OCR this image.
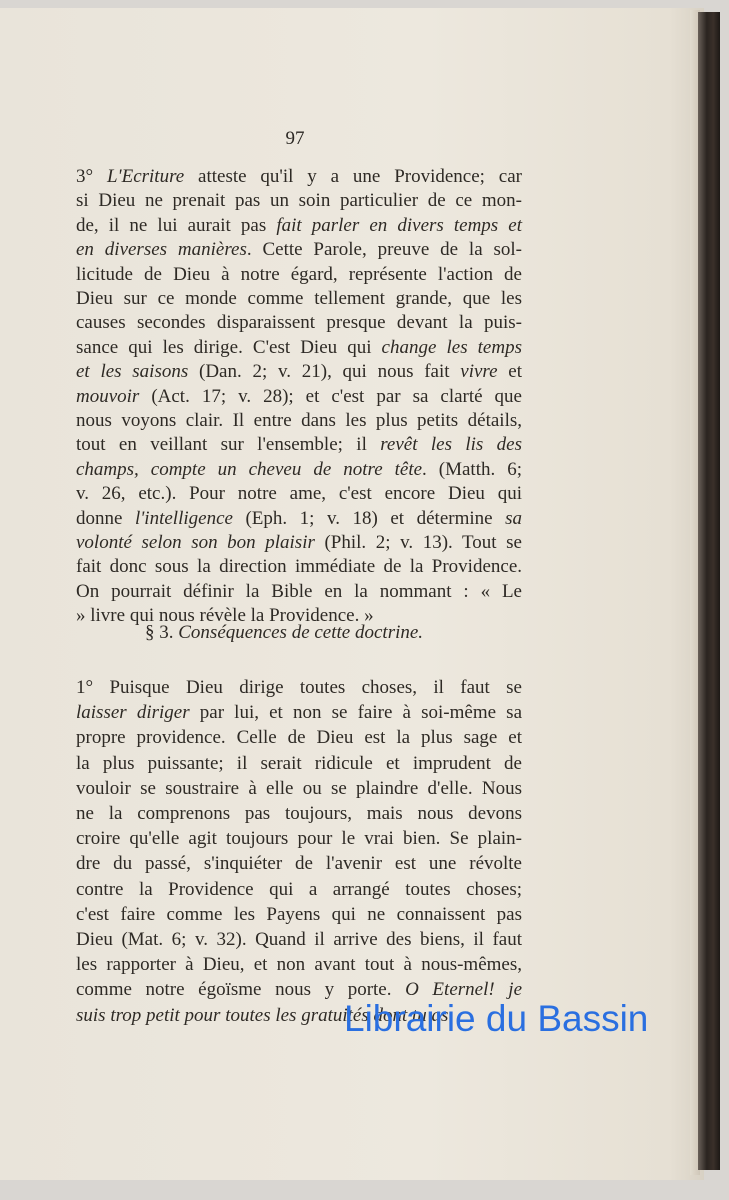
97
3° L'Ecriture atteste qu'il y a une Providence; car
si Dieu ne prenait pas un soin particulier de ce mon-
de, il ne lui aurait pas fait parler en divers temps et
en diverses manières. Cette Parole, preuve de la sol-
licitude de Dieu à notre égard, représente l'action de
Dieu sur ce monde comme tellement grande, que les
causes secondes disparaissent presque devant la puis-
sance qui les dirige. C'est Dieu qui change les temps
et les saisons (Dan. 2; v. 21), qui nous fait vivre et
mouvoir (Act. 17; v. 28); et c'est par sa clarté que
nous voyons clair. Il entre dans les plus petits détails,
tout en veillant sur l'ensemble; il revêt les lis des
champs, compte un cheveu de notre tête. (Matth. 6;
v. 26, etc.). Pour notre ame, c'est encore Dieu qui
donne l'intelligence (Eph. 1; v. 18) et détermine sa
volonté selon son bon plaisir (Phil. 2; v. 13). Tout se
fait donc sous la direction immédiate de la Providence.
On pourrait définir la Bible en la nommant : « Le
» livre qui nous révèle la Providence. »
§ 3. Conséquences de cette doctrine.
1° Puisque Dieu dirige toutes choses, il faut se
laisser diriger par lui, et non se faire à soi-même sa
propre providence. Celle de Dieu est la plus sage et
la plus puissante; il serait ridicule et imprudent de
vouloir se soustraire à elle ou se plaindre d'elle. Nous
ne la comprenons pas toujours, mais nous devons
croire qu'elle agit toujours pour le vrai bien. Se plain-
dre du passé, s'inquiéter de l'avenir est une révolte
contre la Providence qui a arrangé toutes choses;
c'est faire comme les Payens qui ne connaissent pas
Dieu (Mat. 6; v. 32). Quand il arrive des biens, il faut
les rapporter à Dieu, et non avant tout à nous-mêmes,
comme notre égoïsme nous y porte. O Eternel! je
suis trop petit pour toutes les gratuités dont tu as
Librairie du Bassin
